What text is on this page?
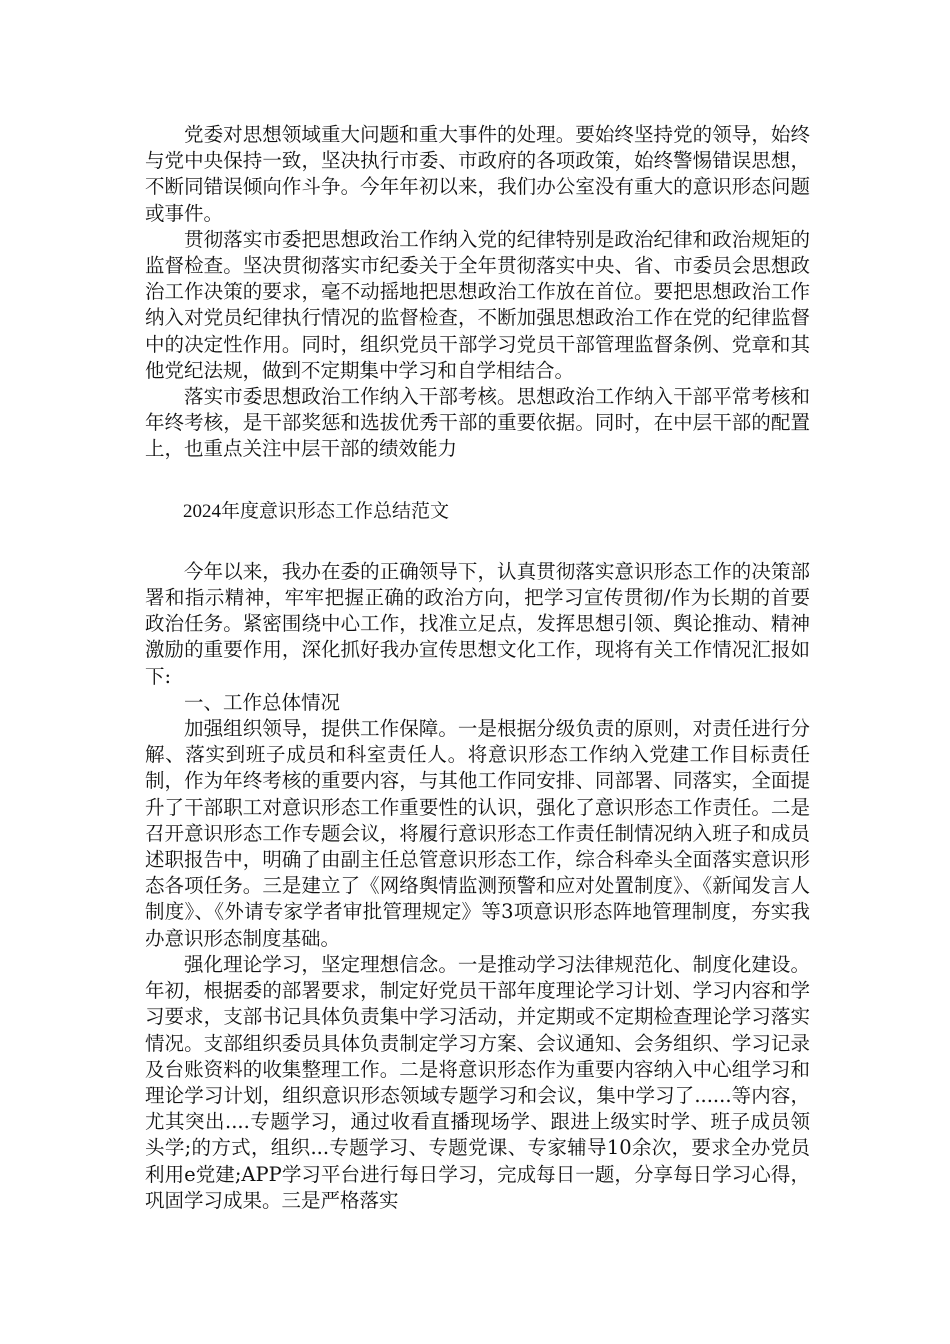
党委对思想领域重大问题和重大事件的处理。要始终坚持党的领导，始终与党中央保持一致，坚决执行市委、市政府的各项政策，始终警惕错误思想，不断同错误倾向作斗争。今年年初以来，我们办公室没有重大的意识形态问题或事件。

贯彻落实市委把思想政治工作纳入党的纪律特别是政治纪律和政治规矩的监督检查。坚决贯彻落实市纪委关于全年贯彻落实中央、省、市委员会思想政治工作决策的要求，毫不动摇地把思想政治工作放在首位。要把思想政治工作纳入对党员纪律执行情况的监督检查，不断加强思想政治工作在党的纪律监督中的决定性作用。同时，组织党员干部学习党员干部管理监督条例、党章和其他党纪法规，做到不定期集中学习和自学相结合。

落实市委思想政治工作纳入干部考核。思想政治工作纳入干部平常考核和年终考核，是干部奖惩和选拔优秀干部的重要依据。同时，在中层干部的配置上，也重点关注中层干部的绩效能力

2024年度意识形态工作总结范文

今年以来，我办在委的正确领导下，认真贯彻落实意识形态工作的决策部署和指示精神，牢牢把握正确的政治方向，把学习宣传贯彻/作为长期的首要政治任务。紧密围绕中心工作，找准立足点，发挥思想引领、舆论推动、精神激励的重要作用，深化抓好我办宣传思想文化工作，现将有关工作情况汇报如下:

一、工作总体情况

加强组织领导，提供工作保障。一是根据分级负责的原则，对责任进行分解、落实到班子成员和科室责任人。将意识形态工作纳入党建工作目标责任制，作为年终考核的重要内容，与其他工作同安排、同部署、同落实，全面提升了干部职工对意识形态工作重要性的认识，强化了意识形态工作责任。二是召开意识形态工作专题会议，将履行意识形态工作责任制情况纳入班子和成员述职报告中，明确了由副主任总管意识形态工作，综合科牵头全面落实意识形态各项任务。三是建立了《网络舆情监测预警和应对处置制度》、《新闻发言人制度》、《外请专家学者审批管理规定》等3项意识形态阵地管理制度，夯实我办意识形态制度基础。

强化理论学习，坚定理想信念。一是推动学习法律规范化、制度化建设。年初，根据委的部署要求，制定好党员干部年度理论学习计划、学习内容和学习要求，支部书记具体负责集中学习活动，并定期或不定期检查理论学习落实情况。支部组织委员具体负责制定学习方案、会议通知、会务组织、学习记录及台账资料的收集整理工作。二是将意识形态作为重要内容纳入中心组学习和理论学习计划，组织意识形态领域专题学习和会议，集中学习了......等内容，尤其突出....专题学习，通过收看直播现场学、跟进上级实时学、班子成员领头学;的方式，组织...专题学习、专题党课、专家辅导10余次，要求全办党员利用e党建;APP学习平台进行每日学习，完成每日一题，分享每日学习心得，巩固学习成果。三是严格落实
